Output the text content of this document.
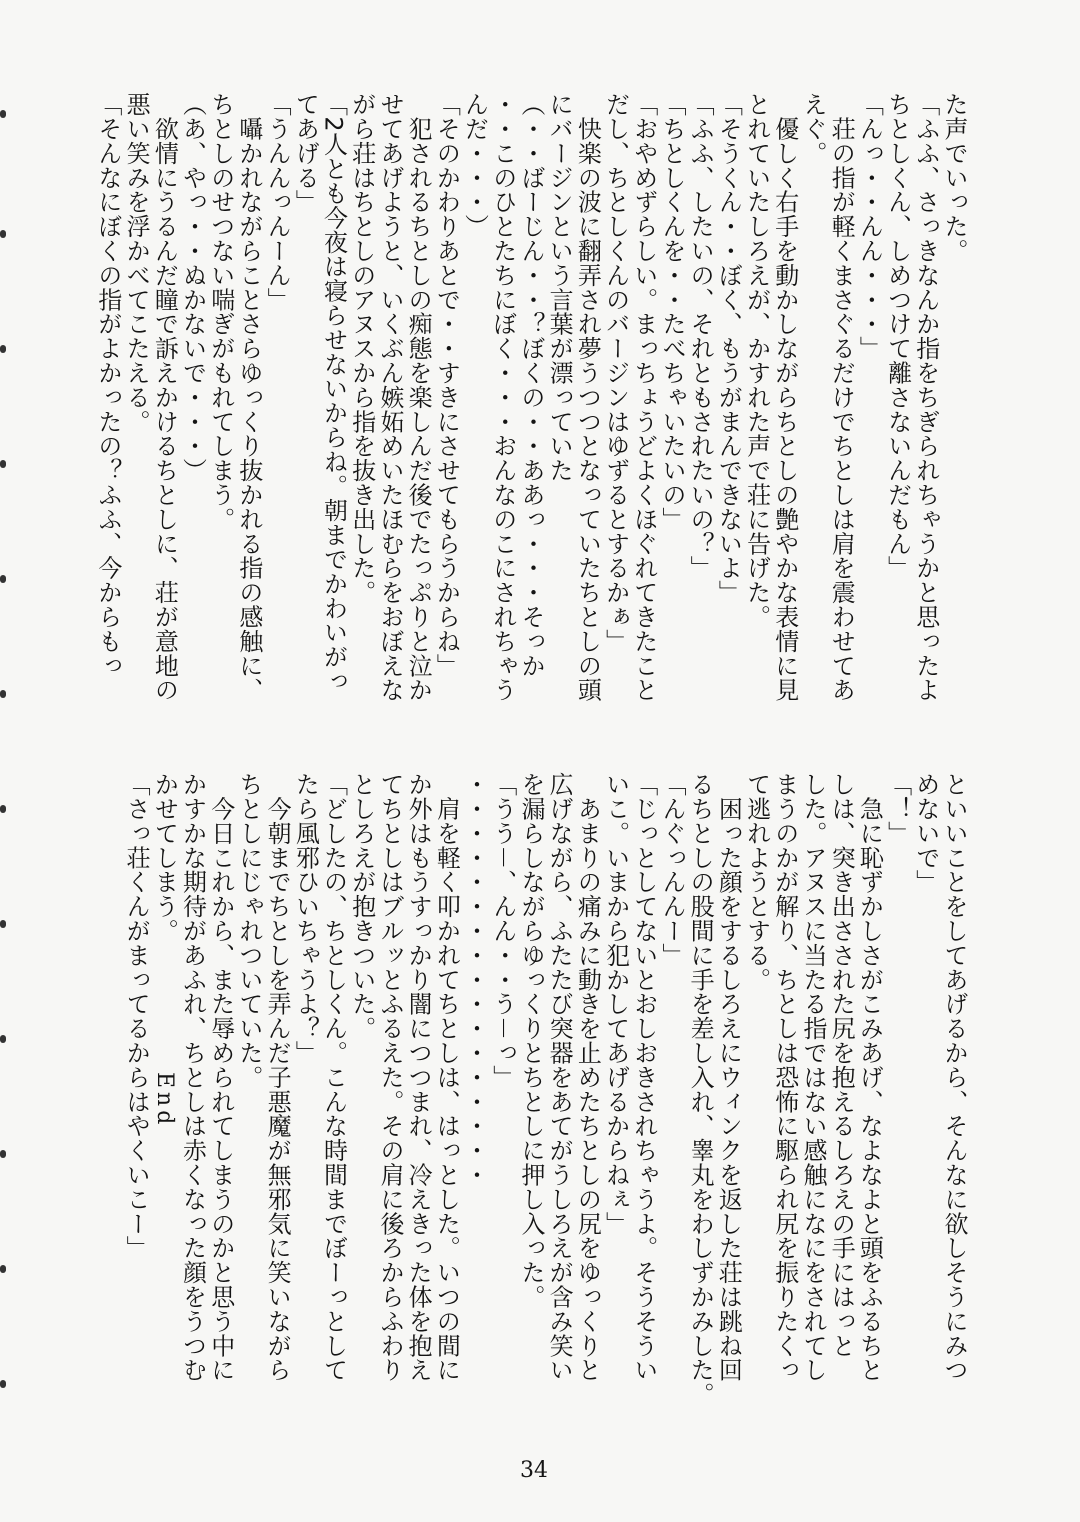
た声でいった。
「ふふ、さっきなんか指をちぎられちゃうかと思ったよ
ちとしくん、しめつけて離さないんだもん」
「んっ・・んん・・・」
　荘の指が軽くまさぐるだけでちとしは肩を震わせてあ
えぐ。
　優しく右手を動かしながらちとしの艶やかな表情に見
とれていたしろえが、かすれた声で荘に告げた。
「そうくん・・ぼく、もうがまんできないよ」
「ふふ、したいの、それともされたいの？」
「ちとしくんを・・たべちゃいたいの」
「おやめずらしい。まっちょうどよくほぐれてきたこと
だし、ちとしくんのバージンはゆずるとするかぁ」
　快楽の波に翻弄され夢うつつとなっていたちとしの頭
にバージンという言葉が漂っていた
（・・ばーじん・・？ぼくの・・ああっ・・・そっか
・・このひとたちにぼく・・・おんなのこにされちゃう
んだ・・・）
「そのかわりあとで・・すきにさせてもらうからね」
　犯されるちとしの痴態を楽しんだ後でたっぷりと泣か
せてあげようと、いくぶん嫉妬めいたほむらをおぼえな
がら荘はちとしのアヌスから指を抜き出した。
「2人とも今夜は寝らせないからね。朝までかわいがっ
てあげる」
「うんんっんーん」
　囁かれながらことさらゆっくり抜かれる指の感触に、
ちとしのせつない喘ぎがもれてしまう。
（あ、やっ・・ぬかないで・・・）
　欲情にうるんだ瞳で訴えかけるちとしに、荘が意地の
悪い笑みを浮かべてこたえる。
「そんなにぼくの指がよかったの？ふふ、今からもっ
といいことをしてあげるから、そんなに欲しそうにみつ
めないで」
「！」
　急に恥ずかしさがこみあげ、なよなよと頭をふるちと
しは、突き出さされた尻を抱えるしろえの手にはっと
した。アヌスに当たる指ではない感触になにをされてし
まうのかが解り、ちとしは恐怖に駆られ尻を振りたくっ
て逃れようとする。
　困った顔をするしろえにウィンクを返した荘は跳ね回
るちとしの股間に手を差し入れ、睾丸をわしずかみした。
「んぐっんんー」
「じっとしてないとおしおきされちゃうよ。そうそうい
いこ。いまから犯かしてあげるからねぇ」
　あまりの痛みに動きを止めたちとしの尻をゆっくりと
広げながら、ふたたび突器をあてがうしろえが含み笑い
を漏らしながらゆっくりとちとしに押し入った。
「うう－、んん・・う－っ」
・・・・・・・・・・・・・・・・・
　肩を軽く叩かれてちとしは、はっとした。いつの間に
か外はもうすっかり闇につつまれ、冷えきった体を抱え
てちとしはブルッとふるえた。その肩に後ろからふわり
としろえが抱きついた。
「どしたの、ちとしくん。こんな時間までぼーっとして
たら風邪ひいちゃうよ？」
　今朝までちとしを弄んだ子悪魔が無邪気に笑いながら
ちとしにじゃれついていた。
　今日これから、また辱められてしまうのかと思う中に
かすかな期待があふれ、ちとしは赤くなった顔をうつむ
かせてしまう。
「さっ荘くんがまってるからはやくいこー」 End
34
